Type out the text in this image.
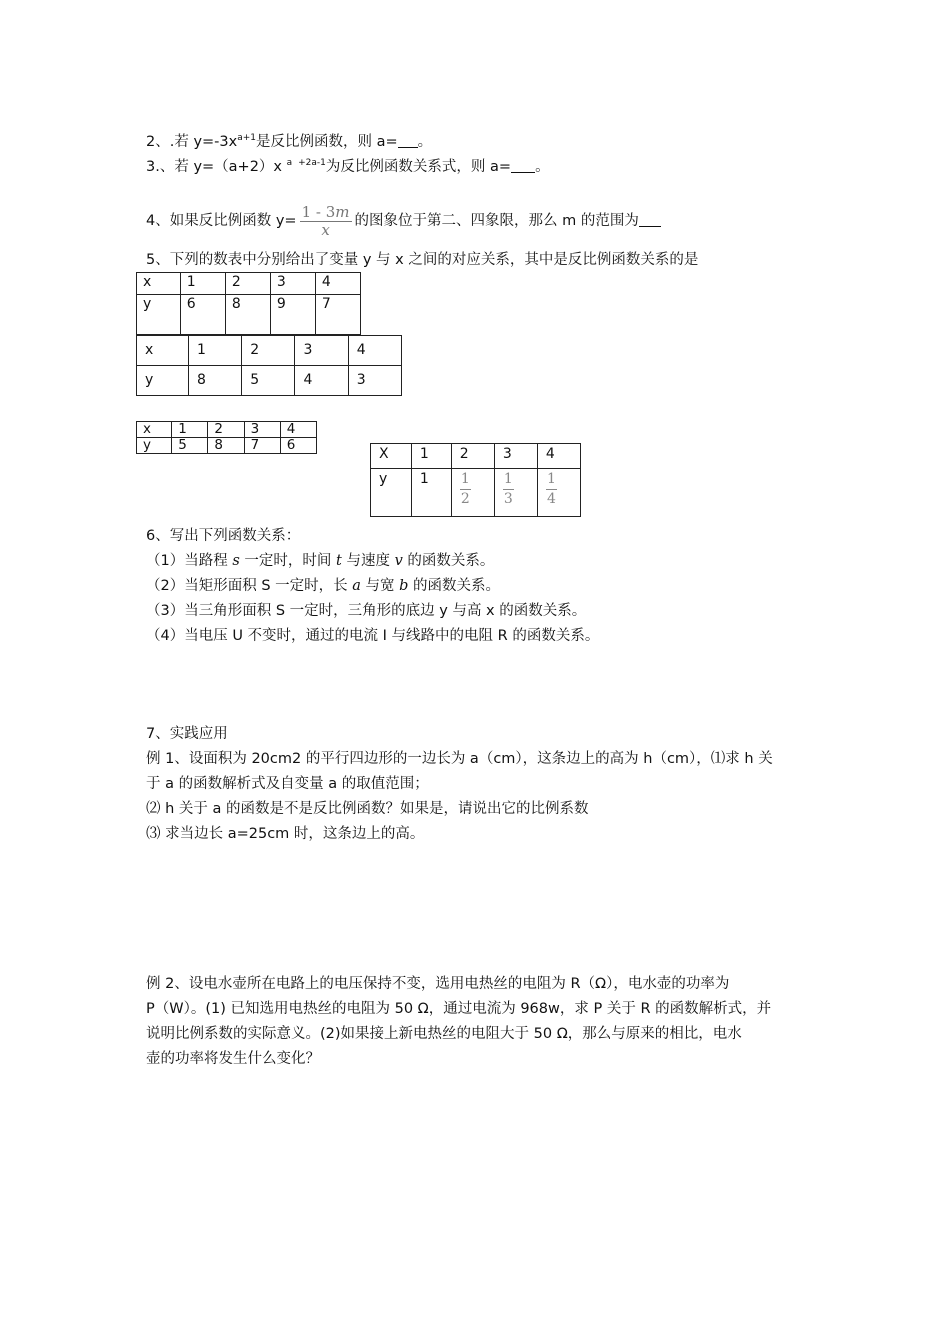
2、.若 $y=-3x^{a+1}$是反比例函数，则 a= 。
3.、若 y=（a+2）x $^a$ $^{+2a-1}$为反比例函数关系式，则 a= 。
4、如果反比例函数 $y= \frac{1 - 3m}{x}$ 的图象位于第二、四象限，那么 m 的范围为
5、下列的数表中分别给出了变量 y 与 x 之间的对应关系，其中是反比例函数关系的是
x	1	2	3	4
y	6	8	9	7
x	1	2	3	4
y	8	5	4	3
x	1	2	3	4
y	5	8	7	6
X	1	2	3	4
y	1	$\frac{1}{2}$	$\frac{1}{3}$	$\frac{1}{4}$
6、写出下列函数关系：
（1）当路程 s 一定时，时间 t 与速度 v 的函数关系。
（2）当矩形面积 S 一定时，长 a 与宽 b 的函数关系。
（3）当三角形面积 S 一定时，三角形的底边 y 与高 x 的函数关系。
（4）当电压 U 不变时，通过的电流 I 与线路中的电阻 R 的函数关系。
7、实践应用
例 1、设面积为 20cm2 的平行四边形的一边长为 a（cm），这条边上的高为 h（cm），⑴求 h 关
于 a 的函数解析式及自变量 a 的取值范围；
⑵ h 关于 a 的函数是不是反比例函数？如果是，请说出它的比例系数
⑶ 求当边长 a=25cm 时，这条边上的高。
例 2、设电水壶所在电路上的电压保持不变，选用电热丝的电阻为 R（Ω），电水壶的功率为
P（W）。(1) 已知选用电热丝的电阻为 50 Ω，通过电流为 968w，求 P 关于 R 的函数解析式，并
说明比例系数的实际意义。(2)如果接上新电热丝的电阻大于 50 Ω，那么与原来的相比，电水
壶的功率将发生什么变化？
